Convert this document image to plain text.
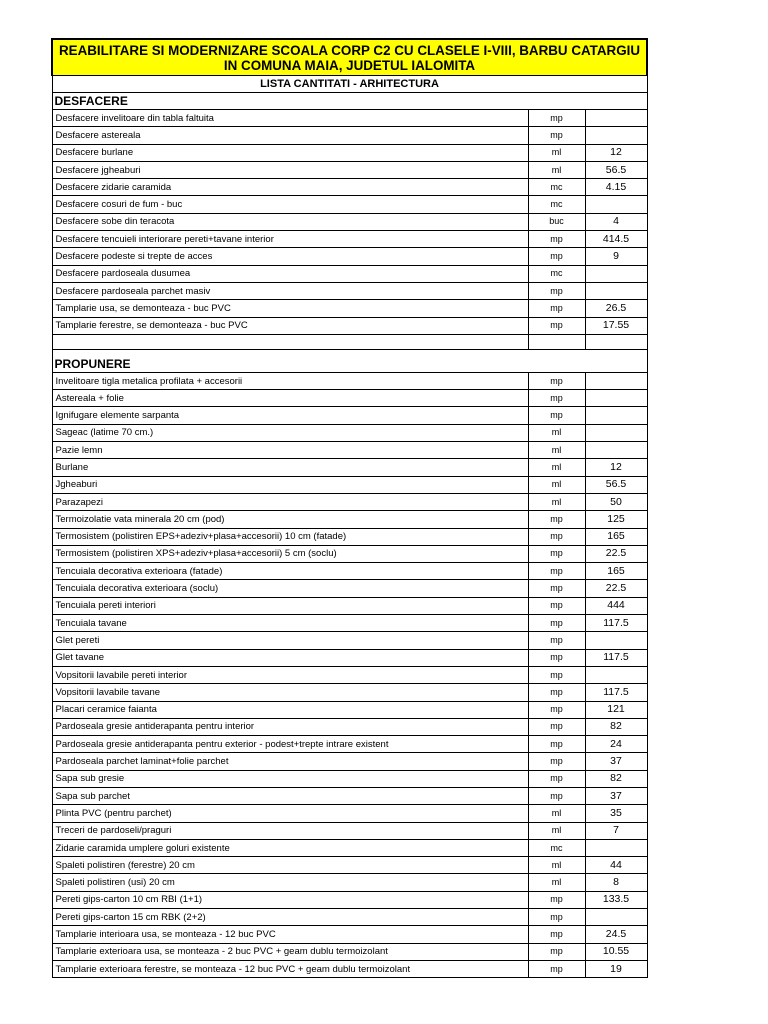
REABILITARE SI MODERNIZARE SCOALA CORP C2 CU CLASELE I-VIII, BARBU CATARGIU IN COMUNA MAIA, JUDETUL IALOMITA		
LISTA CANTITATI - ARHITECTURA		
DESFACERE		
Desfacere invelitoare din tabla faltuita	mp	
Desfacere astereala	mp	
Desfacere burlane	ml	12
Desfacere jgheaburi	ml	56.5
Desfacere zidarie caramida	mc	4.15
Desfacere cosuri de fum - buc	mc	
Desfacere sobe din teracota	buc	4
Desfacere tencuieli interiorare pereti+tavane interior	mp	414.5
Desfacere podeste si trepte de acces	mp	9
Desfacere pardoseala dusumea	mc	
Desfacere pardoseala parchet masiv	mp	
Tamplarie usa, se demonteaza - buc PVC	mp	26.5
Tamplarie ferestre, se demonteaza - buc PVC	mp	17.55

PROPUNERE		
Invelitoare tigla metalica profilata + accesorii	mp	
Astereala + folie	mp	
Ignifugare elemente sarpanta	mp	
Sageac (latime 70 cm.)	ml	
Pazie lemn	ml	
Burlane	ml	12
Jgheaburi	ml	56.5
Parazapezi	ml	50
Termoizolatie vata minerala 20 cm (pod)	mp	125
Termosistem (polistiren EPS+adeziv+plasa+accesorii) 10 cm (fatade)	mp	165
Termosistem (polistiren XPS+adeziv+plasa+accesorii) 5 cm (soclu)	mp	22.5
Tencuiala decorativa exterioara (fatade)	mp	165
Tencuiala decorativa exterioara (soclu)	mp	22.5
Tencuiala pereti interiori	mp	444
Tencuiala tavane	mp	117.5
Glet pereti	mp	
Glet tavane	mp	117.5
Vopsitorii lavabile pereti interior	mp	
Vopsitorii lavabile tavane	mp	117.5
Placari ceramice faianta	mp	121
Pardoseala gresie antiderapanta pentru interior	mp	82
Pardoseala gresie antiderapanta pentru exterior - podest+trepte intrare existent	mp	24
Pardoseala parchet laminat+folie parchet	mp	37
Sapa sub gresie	mp	82
Sapa sub parchet	mp	37
Plinta PVC (pentru parchet)	ml	35
Treceri de pardoseli/praguri	ml	7
Zidarie caramida umplere goluri existente	mc	
Spaleti polistiren (ferestre) 20 cm	ml	44
Spaleti polistiren (usi) 20 cm	ml	8
Pereti gips-carton 10 cm RBI (1+1)	mp	133.5
Pereti gips-carton 15 cm RBK (2+2)	mp	
Tamplarie interioara usa, se monteaza - 12 buc PVC	mp	24.5
Tamplarie exterioara usa, se monteaza - 2 buc PVC + geam dublu termoizolant	mp	10.55
Tamplarie exterioara ferestre, se monteaza - 12 buc PVC + geam dublu termoizolant	mp	19
